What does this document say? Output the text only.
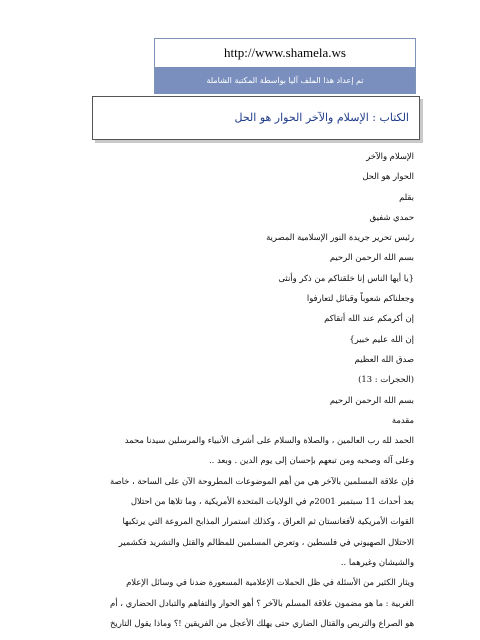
http://www.shamela.ws
تم إعداد هذا الملف آليا بواسطة المكتبة الشاملة
الكتاب : الإسلام والآخر الحوار هو الحل
الإسلام والآخر
الحوار هو الحل
بقلم
حمدي شفيق
رئيس تحرير جريدة النور الإسلامية المصرية
بسم الله الرحمن الرحيم
{يا أيها الناس إنا خلقناكم من ذكر وأنثى
وجعلناكم شعوباً وقبائل لتعارفوا
إن أكرمكم عند الله أتقاكم
إن الله عليم خبير}
صدق الله العظيم
(الحجرات : 13)
بسم الله الرحمن الرحيم
مقدمة
الحمد لله رب العالمين ، والصلاة والسلام على أشرف الأنبياء والمرسلين سيدنا محمد
وعلى آله وصحبه ومن تبعهم بإحسان إلى يوم الدين . وبعد ..
فإن علاقة المسلمين بالآخر هي من أهم الموضوعات المطروحة الآن على الساحة ، خاصة
بعد أحداث 11 سبتمبر 2001م في الولايات المتحدة الأمريكية ، وما تلاها من احتلال
القوات الأمريكية لأفغانستان ثم العراق ، وكذلك استمرار المذابح المروعة التي يرتكبها
الاحتلال الصهيوني في فلسطين ، وتعرض المسلمين للمظالم والقتل والتشريد فكشمير
والشيشان وغيرهما ..
ويثار الكثير من الأسئلة في ظل الحملات الإعلامية المسعورة ضدنا في وسائل الإعلام
الغربية : ما هو مضمون علاقة المسلم بالآخر ؟ أهو الحوار والتفاهم والتبادل الحضاري ، أم
هو الصراع والتربص والقتال الضاري حتى يهلك الأعجل من الفريقين !؟ وماذا يقول التاريخ
